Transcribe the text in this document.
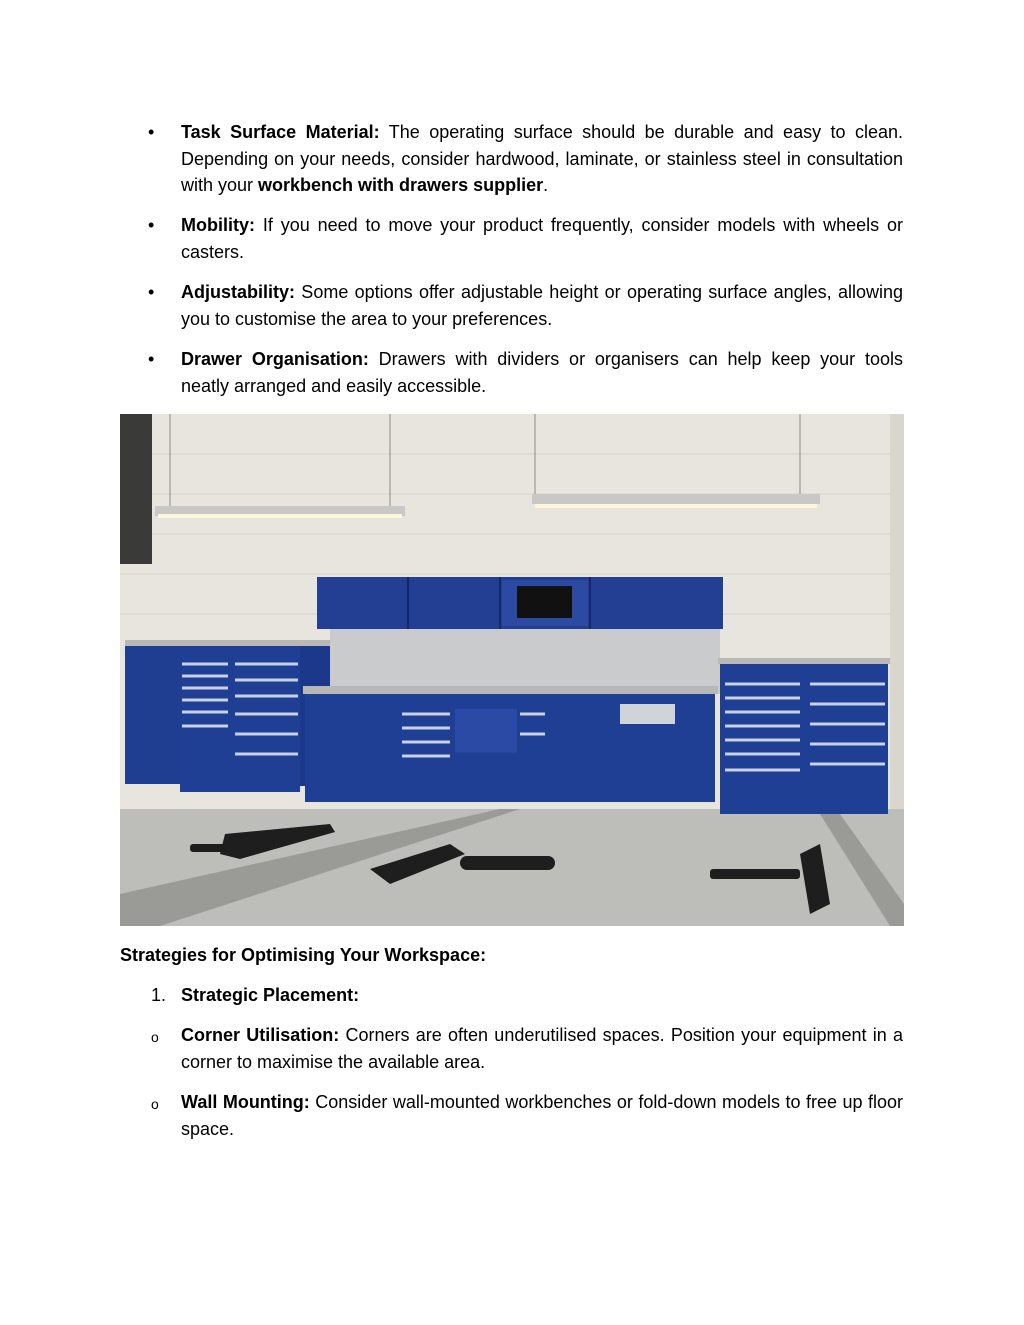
• Task Surface Material: The operating surface should be durable and easy to clean. Depending on your needs, consider hardwood, laminate, or stainless steel in consultation with your workbench with drawers supplier.

• Mobility: If you need to move your product frequently, consider models with wheels or casters.

• Adjustability: Some options offer adjustable height or operating surface angles, allowing you to customise the area to your preferences.

• Drawer Organisation: Drawers with dividers or organisers can help keep your tools neatly arranged and easily accessible.

Strategies for Optimising Your Workspace:

1. Strategic Placement:

o Corner Utilisation: Corners are often underutilised spaces. Position your equipment in a corner to maximise the available area.

o Wall Mounting: Consider wall-mounted workbenches or fold-down models to free up floor space.
